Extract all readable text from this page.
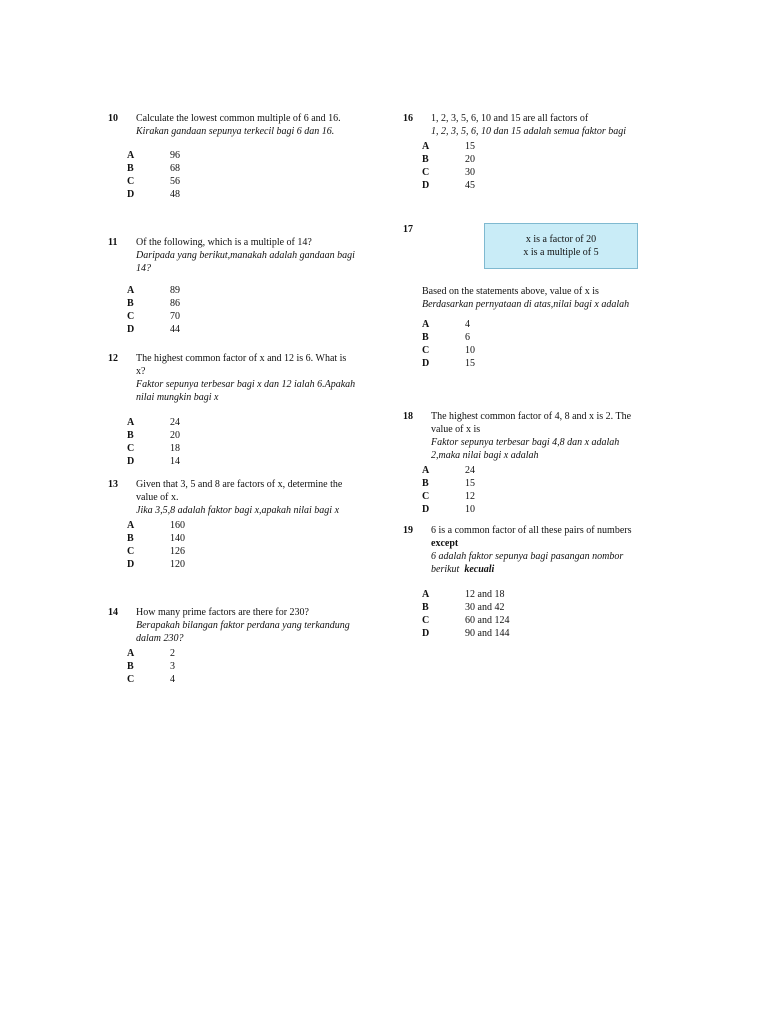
10 Calculate the lowest common multiple of 6 and 16.
Kirakan gandaan sepunya terkecil bagi 6 dan 16.
A	96
B	68
C	56
D	48
11 Of the following, which is a multiple of 14?
Daripada yang berikut,manakah adalah gandaan bagi 14?
A	89
B	86
C	70
D	44
12 The highest common factor of x and 12 is 6. What is x?
Faktor sepunya terbesar bagi x dan 12 ialah 6.Apakah nilai mungkin bagi x
A	24
B	20
C	18
D	14
13 Given that 3, 5 and 8 are factors of x, determine the value of x.
Jika 3,5,8 adalah faktor bagi x,apakah nilai bagi x
A	160
B	140
C	126
D	120
14 How many prime factors are there for 230?
Berapakah bilangan faktor perdana yang terkandung dalam 230?
A	2
B	3
C	4
16 1, 2, 3, 5, 6, 10 and 15 are all factors of
1, 2, 3, 5, 6, 10 dan 15 adalah semua faktor bagi
A	15
B	20
C	30
D	45
17
x is a factor of 20
x is a multiple of 5
Based on the statements above, value of x is
Berdasarkan pernyataan di atas,nilai bagi x adalah
A	4
B	6
C	10
D	15
18 The highest common factor of 4, 8 and x is 2. The value of x is
Faktor sepunya terbesar bagi 4,8 dan x adalah 2,maka nilai bagi x adalah
A	24
B	15
C	12
D	10
19 6 is a common factor of all these pairs of numbers except
6 adalah faktor sepunya bagi pasangan nombor berikut kecuali
A	12 and 18
B	30 and 42
C	60 and 124
D	90 and 144
